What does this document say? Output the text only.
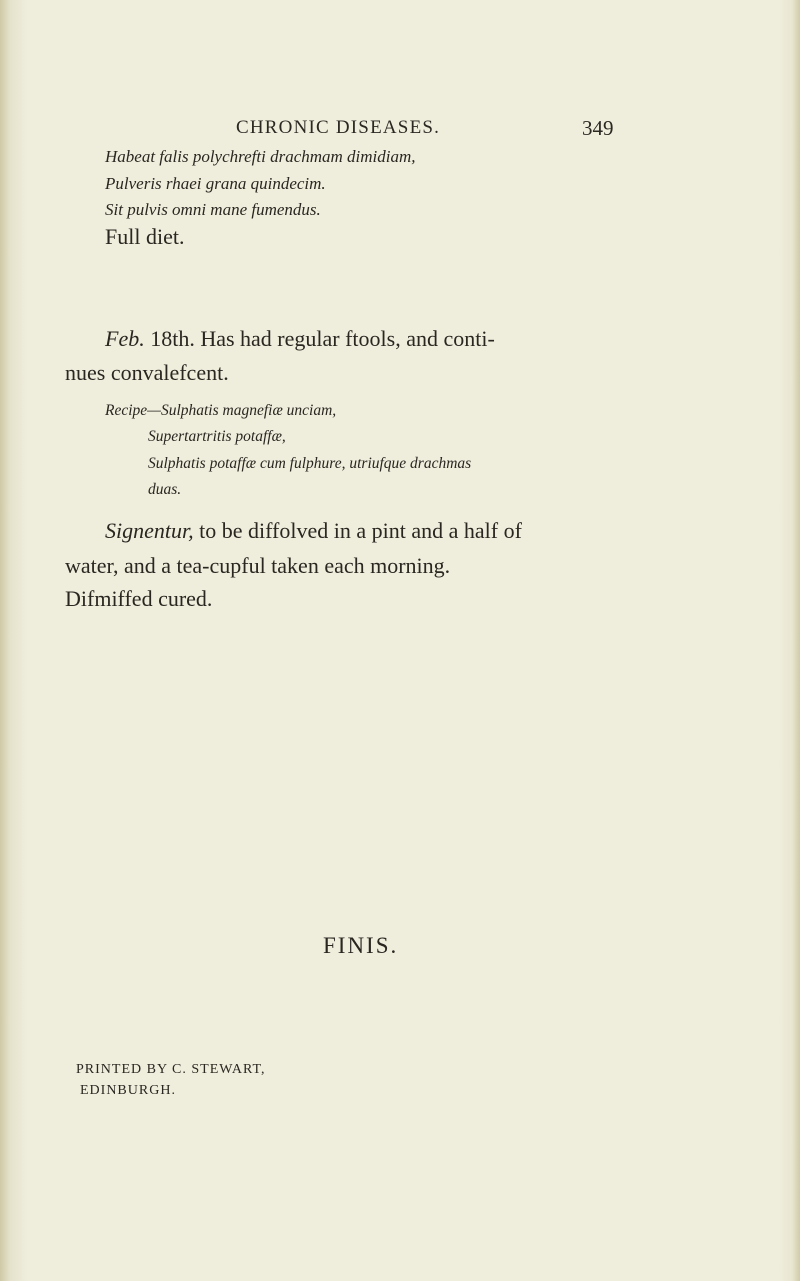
CHRONIC DISEASES.	349
Habeat falis polychrefti drachmam dimidiam,
Pulveris rhaei grana quindecim.
Sit pulvis omni mane fumendus.
Full diet.
Feb. 18th. Has had regular ftools, and conti-
nues convalefcent.
Recipe—Sulphatis magnefiæ unciam,
Supertartritis potaffæ,
Sulphatis potaffæ cum fulphure, utriufque drachmas
duas.
Signentur, to be diffolved in a pint and a half of
water, and a tea-cupful taken each morning.
Difmiffed cured.
FINIS.
PRINTED BY C. STEWART,
EDINBURGH.
